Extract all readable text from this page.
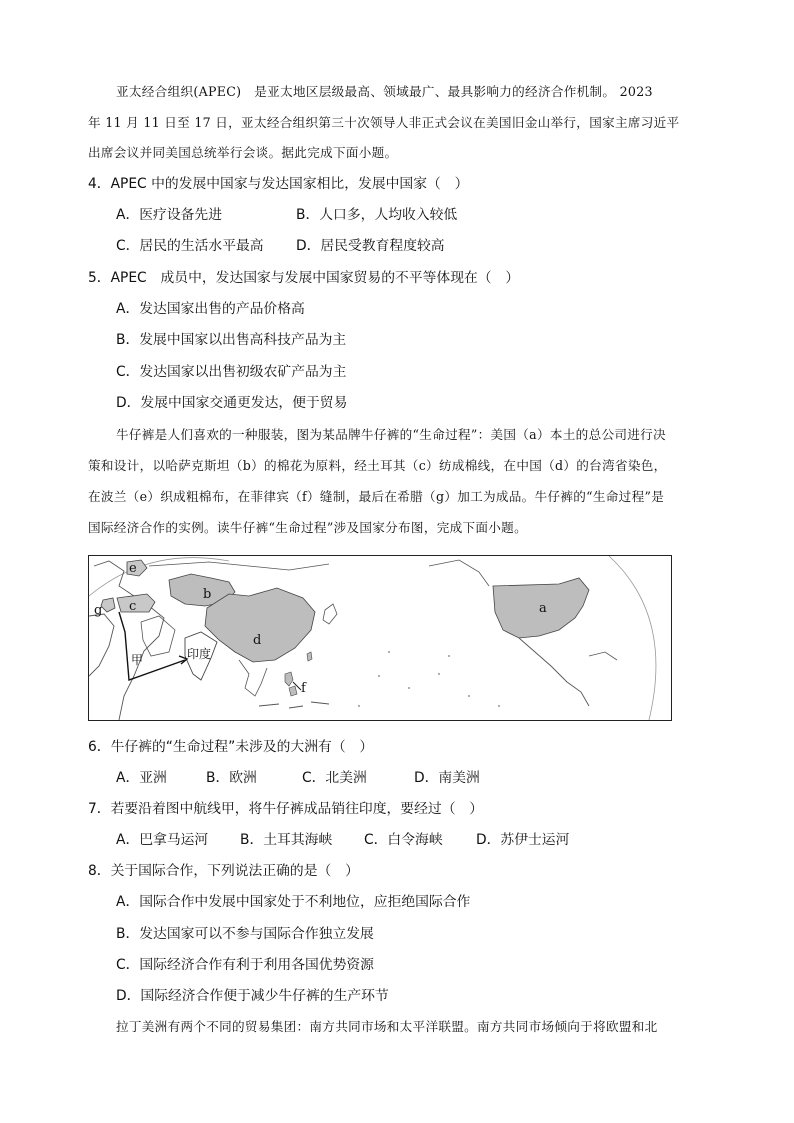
亚太经合组织(APEC)　是亚太地区层级最高、领域最广、最具影响力的经济合作机制。 2023
年 11 月 11 日至 17 日，亚太经合组织第三十次领导人非正式会议在美国旧金山举行，国家主席习近平
出席会议并同美国总统举行会谈。据此完成下面小题。
4．APEC 中的发展中国家与发达国家相比，发展中国家（　）
A．医疗设备先进	B．人口多，人均收入较低
C．居民的生活水平最高 D．居民受教育程度较高
5．APEC　成员中，发达国家与发展中国家贸易的不平等体现在（　）
A．发达国家出售的产品价格高
B．发展中国家以出售高科技产品为主
C．发达国家以出售初级农矿产品为主
D．发展中国家交通更发达，便于贸易
牛仔裤是人们喜欢的一种服装，图为某品牌牛仔裤的“生命过程”：美国（a）本土的总公司进行决
策和设计，以哈萨克斯坦（b）的棉花为原料，经土耳其（c）纺成棉线，在中国（d）的台湾省染色，
在波兰（e）织成粗棉布，在菲律宾（f）缝制，最后在希腊（g）加工为成品。牛仔裤的“生命过程”是
国际经济合作的实例。读牛仔裤“生命过程”涉及国家分布图，完成下面小题。
e
g c
b
d
f
a
甲	印度
6．牛仔裤的“生命过程”未涉及的大洲有（　）
A．亚洲	B．欧洲	C．北美洲	D．南美洲
7．若要沿着图中航线甲，将牛仔裤成品销往印度，要经过（　）
A．巴拿马运河 B．土耳其海峡 C．白令海峡 D．苏伊士运河
8．关于国际合作，下列说法正确的是（　）
A．国际合作中发展中国家处于不利地位，应拒绝国际合作
B．发达国家可以不参与国际合作独立发展
C．国际经济合作有利于利用各国优势资源
D．国际经济合作便于减少牛仔裤的生产环节
拉丁美洲有两个不同的贸易集团：南方共同市场和太平洋联盟。南方共同市场倾向于将欧盟和北
